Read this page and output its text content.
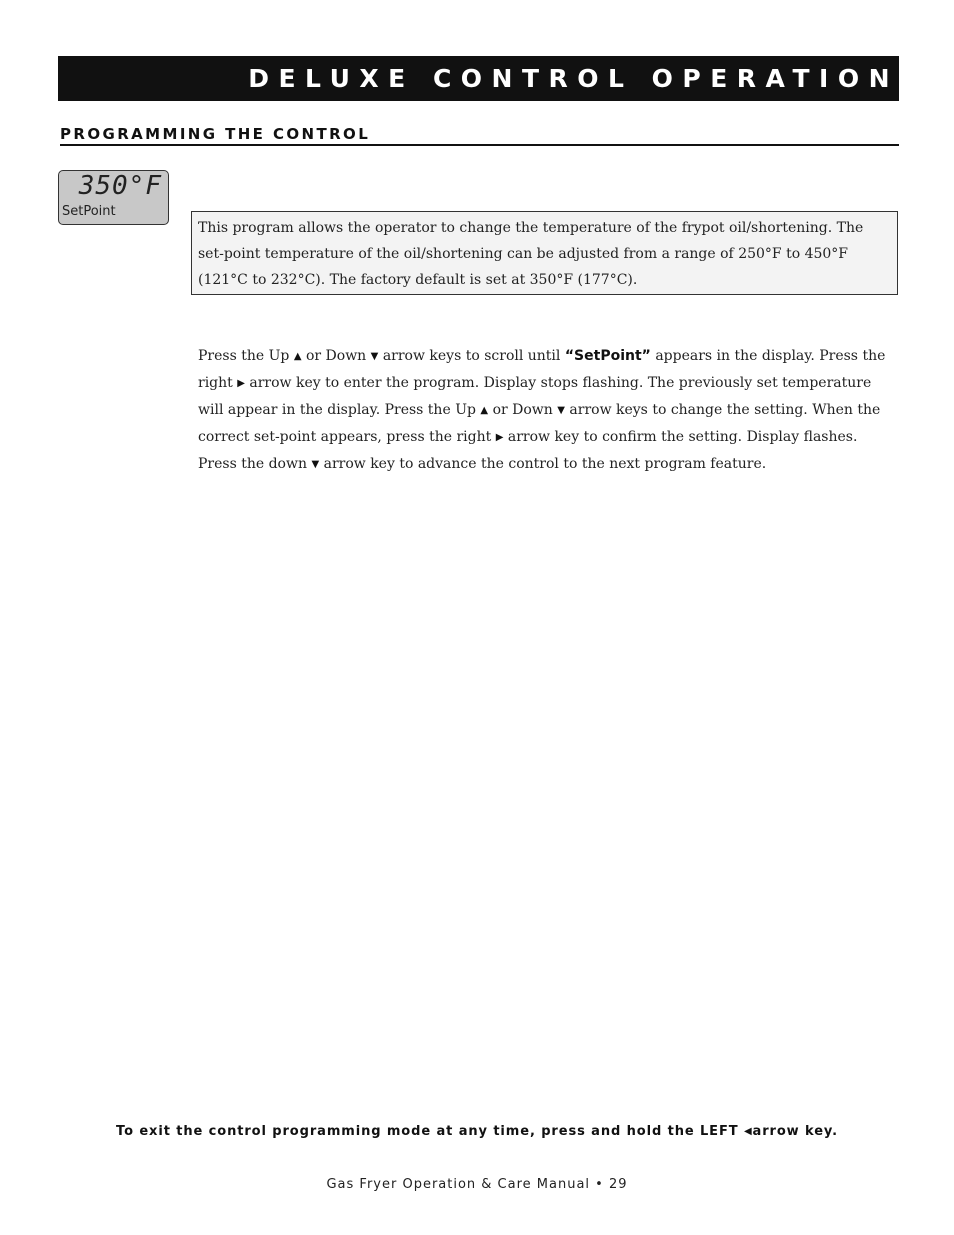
DELUXE CONTROL OPERATION
PROGRAMMING THE CONTROL
350°F
SetPoint
This program allows the operator to change the temperature of the frypot oil/shortening. The set-point temperature of the oil/shortening can be adjusted from a range of 250°F to 450°F (121°C to 232°C). The factory default is set at 350°F (177°C).
Press the Up ▲ or Down ▼ arrow keys to scroll until “SetPoint” appears in the display. Press the right ▶ arrow key to enter the program. Display stops flashing. The previously set temperature will appear in the display. Press the Up ▲ or Down ▼ arrow keys to change the setting. When the correct set-point appears, press the right ▶ arrow key to confirm the setting. Display flashes. Press the down ▼ arrow key to advance the control to the next program feature.
To exit the control programming mode at any time, press and hold the LEFT ◀arrow key.
Gas Fryer Operation & Care Manual • 29
